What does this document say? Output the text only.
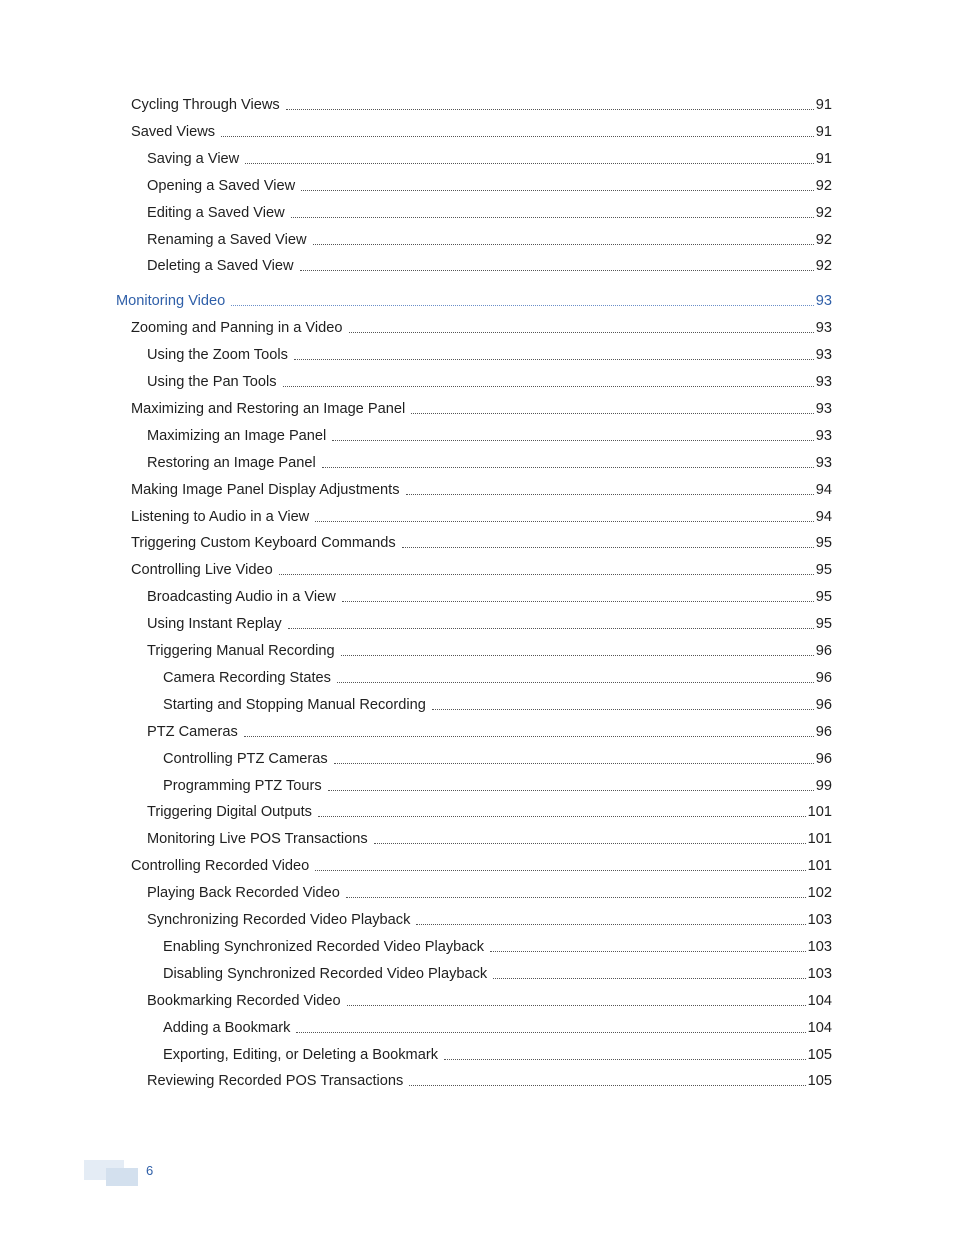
Cycling Through Views	91
Saved Views	91
Saving a View	91
Opening a Saved View	92
Editing a Saved View	92
Renaming a Saved View	92
Deleting a Saved View	92
Monitoring Video	93
Zooming and Panning in a Video	93
Using the Zoom Tools	93
Using the Pan Tools	93
Maximizing and Restoring an Image Panel	93
Maximizing an Image Panel	93
Restoring an Image Panel	93
Making Image Panel Display Adjustments	94
Listening to Audio in a View	94
Triggering Custom Keyboard Commands	95
Controlling Live Video	95
Broadcasting Audio in a View	95
Using Instant Replay	95
Triggering Manual Recording	96
Camera Recording States	96
Starting and Stopping Manual Recording	96
PTZ Cameras	96
Controlling PTZ Cameras	96
Programming PTZ Tours	99
Triggering Digital Outputs	101
Monitoring Live POS Transactions	101
Controlling Recorded Video	101
Playing Back Recorded Video	102
Synchronizing Recorded Video Playback	103
Enabling Synchronized Recorded Video Playback	103
Disabling Synchronized Recorded Video Playback	103
Bookmarking Recorded Video	104
Adding a Bookmark	104
Exporting, Editing, or Deleting a Bookmark	105
Reviewing Recorded POS Transactions	105
6
